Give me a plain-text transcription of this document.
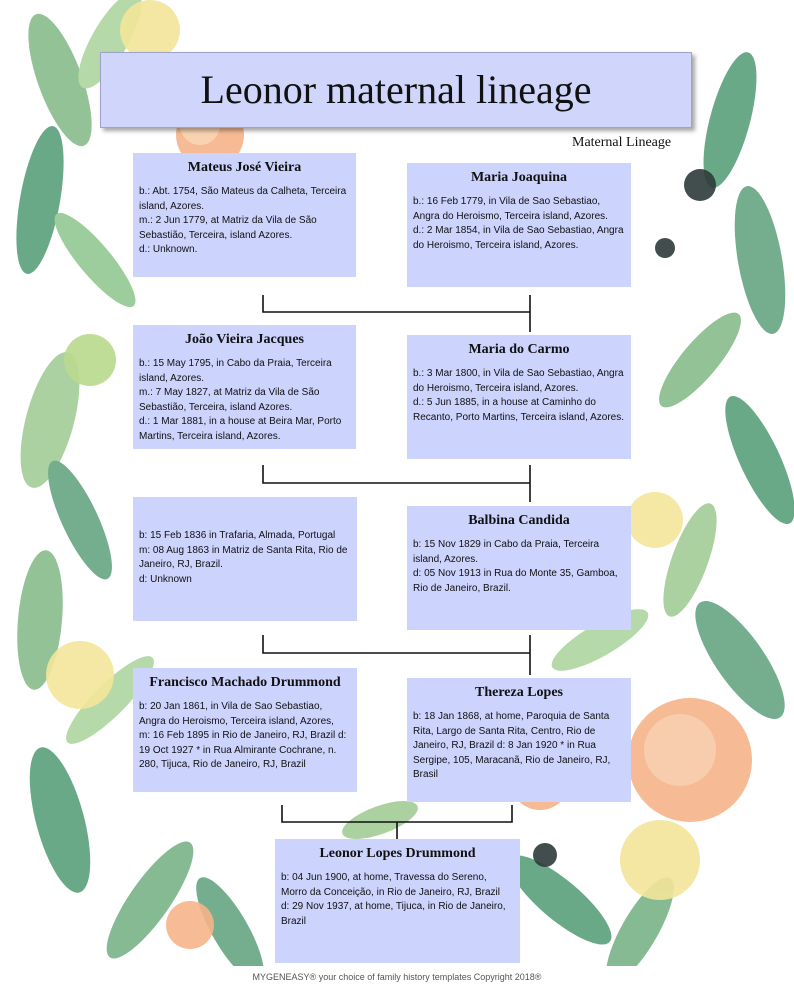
Leonor maternal lineage
Maternal Lineage
Mateus José Vieira
b.: Abt. 1754, São Mateus da Calheta, Terceira island, Azores.
m.: 2 Jun 1779, at Matriz da Vila de São Sebastião, Terceira, island Azores.
d.: Unknown.
Maria Joaquina
b.: 16 Feb 1779, in Vila de Sao Sebastiao, Angra do Heroismo, Terceira island, Azores.
d.: 2 Mar 1854, in Vila de Sao Sebastiao, Angra do Heroismo, Terceira island, Azores.
João Vieira Jacques
b.: 15 May 1795, in Cabo da Praia, Terceira island, Azores.
m.: 7 May 1827, at Matriz da Vila de São Sebastião, Terceira, island Azores.
d.: 1 Mar 1881, in a house at Beira Mar, Porto Martins, Terceira island, Azores.
Maria do Carmo
b.: 3 Mar 1800, in Vila de Sao Sebastiao, Angra do Heroismo, Terceira island, Azores.
d.: 5 Jun 1885, in a house at Caminho do Recanto, Porto Martins, Terceira island, Azores.
b: 15 Feb 1836 in Trafaria, Almada, Portugal
m: 08 Aug 1863 in Matriz de Santa Rita, Rio de Janeiro, RJ, Brazil.
d: Unknown
Balbina Candida
b: 15 Nov 1829 in Cabo da Praia, Terceira island, Azores.
d: 05 Nov 1913 in Rua do Monte 35, Gamboa, Rio de Janeiro, Brazil.
Francisco Machado Drummond
b: 20 Jan 1861, in Vila de Sao Sebastiao, Angra do Heroismo, Terceira island, Azores,
m: 16 Feb 1895 in Rio de Janeiro, RJ, Brazil d: 19 Oct 1927 * in Rua Almirante Cochrane, n. 280, Tijuca, Rio de Janeiro, RJ, Brazil
Thereza Lopes
b: 18 Jan 1868, at home, Paroquia de Santa Rita, Largo de Santa Rita, Centro, Rio de Janeiro, RJ, Brazil d: 8 Jan 1920 * in Rua Sergipe, 105, Maracanã, Rio de Janeiro, RJ, Brasil
Leonor Lopes Drummond
b: 04 Jun 1900, at home, Travessa do Sereno, Morro da Conceição, in Rio de Janeiro, RJ, Brazil
d: 29 Nov 1937, at home, Tijuca, in Rio de Janeiro, Brazil
MYGENEASY® your choice of family history templates Copyright 2018®
